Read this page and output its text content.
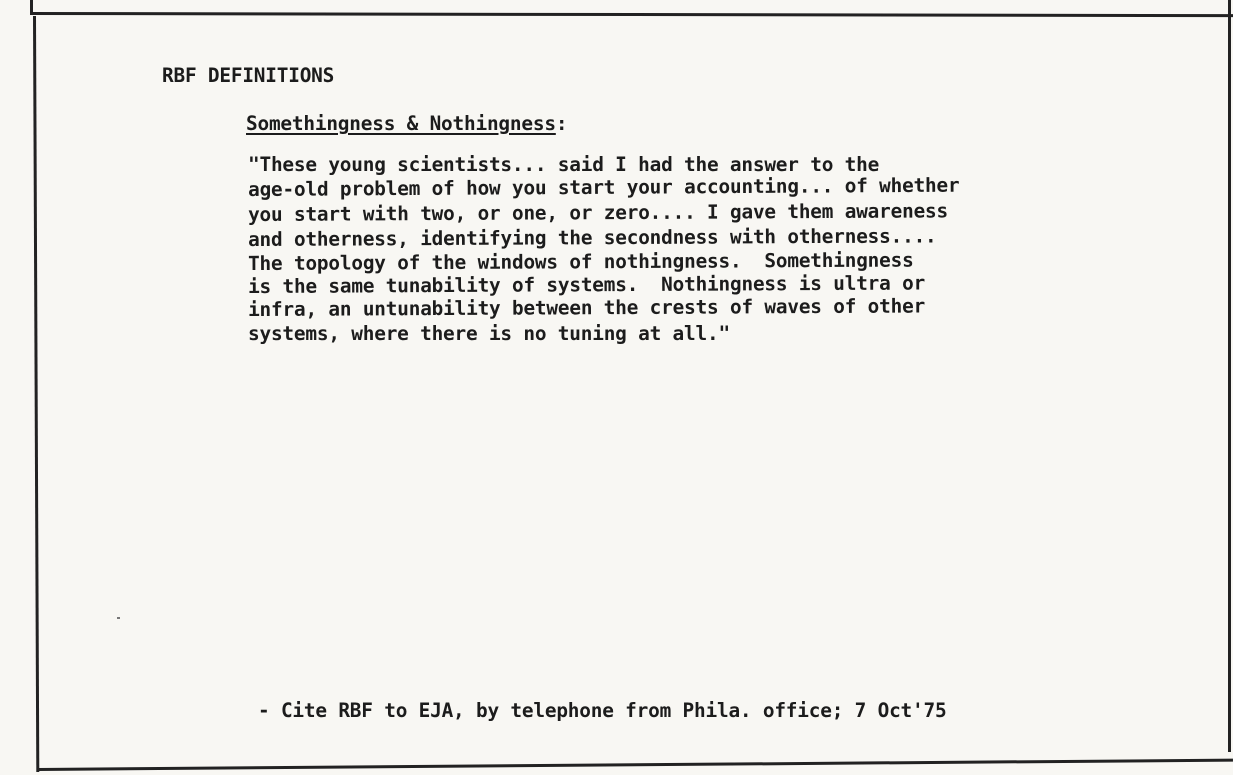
RBF DEFINITIONS
Somethingness & Nothingness:
"These young scientists... said I had the answer to the
age-old problem of how you start your accounting... of whether
you start with two, or one, or zero.... I gave them awareness
and otherness, identifying the secondness with otherness....
The topology of the windows of nothingness.  Somethingness
is the same tunability of systems.  Nothingness is ultra or
infra, an untunability between the crests of waves of other
systems, where there is no tuning at all."
- Cite RBF to EJA, by telephone from Phila. office; 7 Oct'75
